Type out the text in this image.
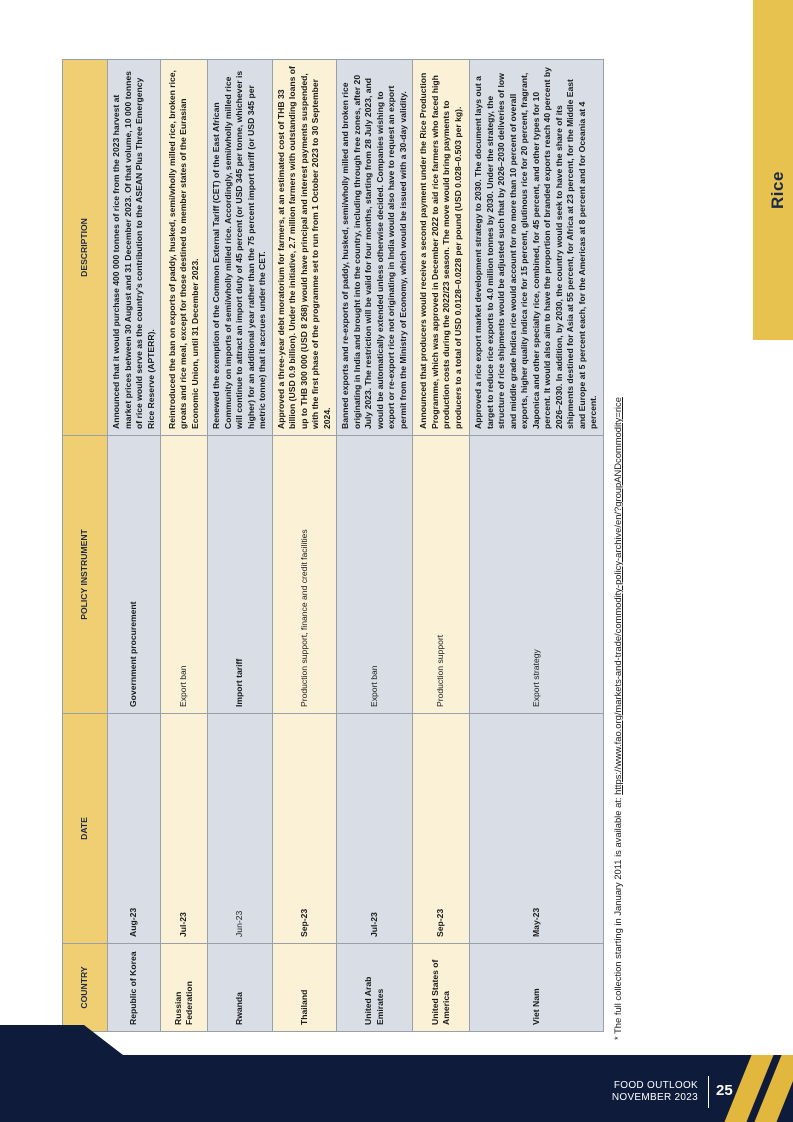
Rice
COUNTRY	DATE	POLICY INSTRUMENT	DESCRIPTION
Republic of Korea	Aug-23	Government procurement	Announced that it would purchase 400 000 tonnes of rice from the 2023 harvest at market prices between 30 August and 31 December 2023. Of that volume, 10 000 tonnes of rice would serve as the country's contribution to the ASEAN Plus Three Emergency Rice Reserve (APTERR).
Russian Federation	Jul-23	Export ban	Reintroduced the ban on exports of paddy, husked, semi/wholly milled rice, broken rice, groats and rice meal, except for those destined to member states of the Eurasian Economic Union, until 31 December 2023.
Rwanda	Jun-23	Import tariff	Renewed the exemption of the Common External Tariff (CET) of the East African Community on imports of semi/wholly milled rice. Accordingly, semi/wholly milled rice will continue to attract an import duty of 45 percent (or USD 345 per tonne, whichever is higher) for an additional year rather than the 75 percent import tariff (or USD 345 per metric tonne) that it accrues under the CET.
Thailand	Sep-23	Production support, finance and credit facilities	Approved a three-year debt moratorium for farmers, at an estimated cost of THB 33 billion (USD 0.9 billion). Under the initiative, 2.7 million farmers with outstanding loans of up to THB 300 000 (USD 8 268) would have principal and interest payments suspended, with the first phase of the programme set to run from 1 October 2023 to 30 September 2024.
United Arab Emirates	Jul-23	Export ban	Banned exports and re-exports of paddy, husked, semi/wholly milled and broken rice originating in India and brought into the country, including through free zones, after 20 July 2023. The restriction will be valid for four months, starting from 28 July 2023, and would be automatically extended unless otherwise decided. Companies wishing to export or re-export rice not originating in India would also have to request an export permit from the Ministry of Economy, which would be issued with a 30-day validity.
United States of America	Sep-23	Production support	Announced that producers would receive a second payment under the Rice Production Programme, which was approved in December 2022 to aid rice farmers who faced high production costs during the 2022/23 season. The move would bring payments to producers to a total of USD 0.0128–0.0228 per pound (USD 0.028–0.503 per kg).
Viet Nam	May-23	Export strategy	Approved a rice export market development strategy to 2030. The document lays out a target to reduce rice exports to 4.0 million tonnes by 2030. Under the strategy, the structure of rice shipments would be adjusted such that by 2026–2030 deliveries of low and middle grade Indica rice would account for no more than 10 percent of overall exports, higher quality indica rice for 15 percent, glutinous rice for 20 percent, fragrant, Japonica and other specialty rice, combined, for 45 percent, and other types for 10 percent. It would also aim to have the proportion of branded exports reach 40 percent by 2026–2030. In addition, by 2030, the country would seek to have the share of its shipments destined for Asia at 55 percent, for Africa at 23 percent, for the Middle East and Europe at 5 percent each, for the Americas at 8 percent and for Oceania at 4 percent.
* The full collection starting in January 2011 is available at: https://www.fao.org/markets-and-trade/commodity-policy-archive/en/?groupANDcommodity=rice
FOOD OUTLOOK
NOVEMBER 2023 25
